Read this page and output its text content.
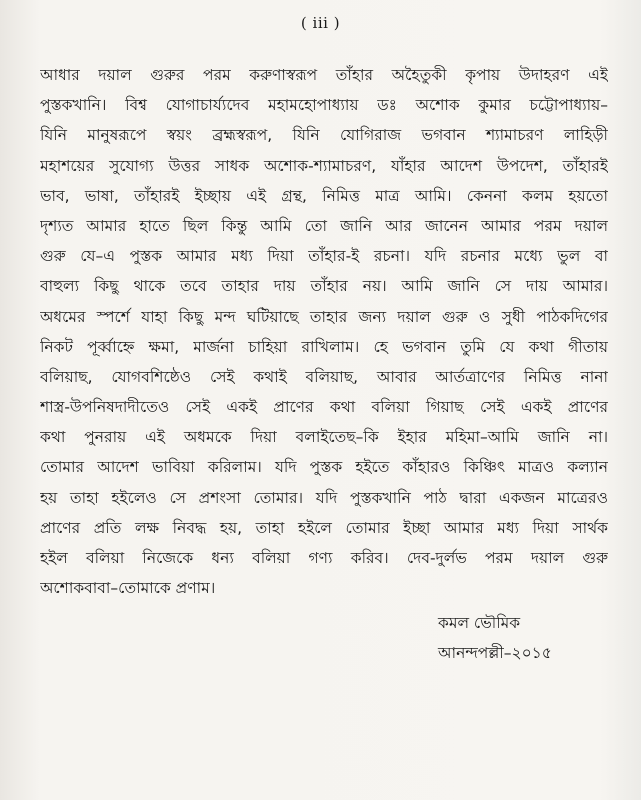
( iii )
আধার দয়াল গুরুর পরম করুণাস্বরূপ তাঁহার অহৈতুকী কৃপায় উদাহরণ এই
পুস্তকখানি। বিশ্ব যোগাচার্য্যদেব মহামহোপাধ্যায় ডঃ অশোক কুমার চট্টোপাধ্যায়–
যিনি মানুষরূপে স্বয়ং ব্রহ্মস্বরূপ, যিনি যোগিরাজ ভগবান শ্যামাচরণ লাহিড়ী
মহাশয়ের সুযোগ্য উত্তর সাধক অশোক-শ্যামাচরণ, যাঁহার আদেশ উপদেশ, তাঁহারই
ভাব, ভাষা, তাঁহারই ইচ্ছায় এই গ্রন্থ, নিমিত্ত মাত্র আমি। কেননা কলম হয়তো
দৃশ্যত আমার হাতে ছিল কিন্তু আমি তো জানি আর জানেন আমার পরম দয়াল
গুরু যে–এ পুস্তক আমার মধ্য দিয়া তাঁহার-ই রচনা। যদি রচনার মধ্যে ভুল বা
বাহুল্য কিছু থাকে তবে তাহার দায় তাঁহার নয়। আমি জানি সে দায় আমার।
অধমের স্পর্শে যাহা কিছু মন্দ ঘটিয়াছে তাহার জন্য দয়াল গুরু ও সুধী পাঠকদিগের
নিকট পূর্ব্বাহ্নে ক্ষমা, মার্জনা চাহিয়া রাখিলাম। হে ভগবান তুমি যে কথা গীতায়
বলিয়াছ, যোগবশিষ্ঠেও সেই কথাই বলিয়াছ, আবার আর্তত্রাণের নিমিত্ত নানা
শাস্ত্র-উপনিষদাদীতেও সেই একই প্রাণের কথা বলিয়া গিয়াছ সেই একই প্রাণের
কথা পুনরায় এই অধমকে দিয়া বলাইতেছ–কি ইহার মহিমা–আমি জানি না।
তোমার আদেশ ভাবিয়া করিলাম। যদি পুস্তক হইতে কাঁহারও কিঞ্চিৎ মাত্রও কল্যান
হয় তাহা হইলেও সে প্রশংসা তোমার। যদি পুস্তকখানি পাঠ দ্বারা একজন মাত্রেরও
প্রাণের প্রতি লক্ষ নিবদ্ধ হয়, তাহা হইলে তোমার ইচ্ছা আমার মধ্য দিয়া সার্থক
হইল বলিয়া নিজেকে ধন্য বলিয়া গণ্য করিব। দেব-দুর্লভ পরম দয়াল গুরু
অশোকবাবা–তোমাকে প্রণাম।
কমল ভৌমিক
আনন্দপল্লী–২০১৫
